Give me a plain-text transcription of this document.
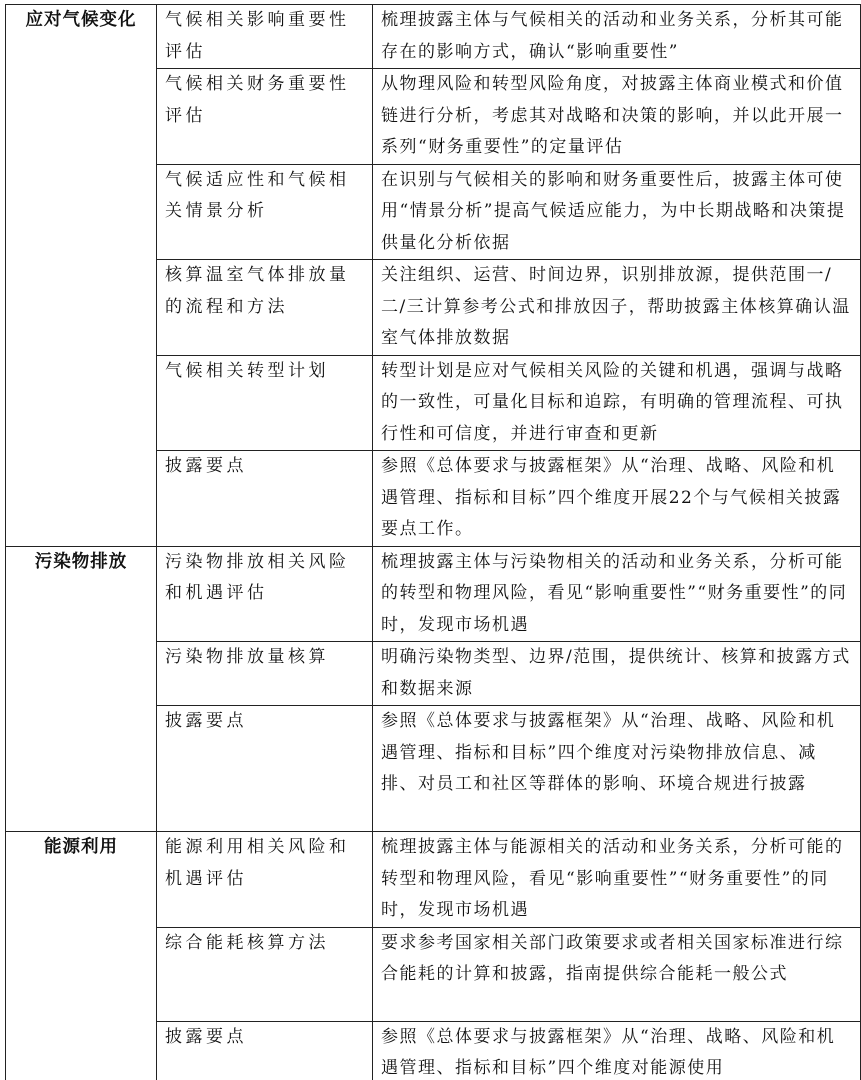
应对气候变化	气候相关影响重要性评估	梳理披露主体与气候相关的活动和业务关系，分析其可能存在的影响方式，确认“影响重要性”
	气候相关财务重要性评估	从物理风险和转型风险角度，对披露主体商业模式和价值链进行分析，考虑其对战略和决策的影响，并以此开展一系列“财务重要性”的定量评估
	气候适应性和气候相关情景分析	在识别与气候相关的影响和财务重要性后，披露主体可使用“情景分析”提高气候适应能力，为中长期战略和决策提供量化分析依据
	核算温室气体排放量的流程和方法	关注组织、运营、时间边界，识别排放源，提供范围一/二/三计算参考公式和排放因子，帮助披露主体核算确认温室气体排放数据
	气候相关转型计划	转型计划是应对气候相关风险的关键和机遇，强调与战略的一致性，可量化目标和追踪，有明确的管理流程、可执行性和可信度，并进行审查和更新
	披露要点	参照《总体要求与披露框架》从“治理、战略、风险和机遇管理、指标和目标”四个维度开展22个与气候相关披露要点工作。
污染物排放	污染物排放相关风险和机遇评估	梳理披露主体与污染物相关的活动和业务关系，分析可能的转型和物理风险，看见“影响重要性”“财务重要性”的同时，发现市场机遇
	污染物排放量核算	明确污染物类型、边界/范围，提供统计、核算和披露方式和数据来源
	披露要点	参照《总体要求与披露框架》从“治理、战略、风险和机遇管理、指标和目标”四个维度对污染物排放信息、减排、对员工和社区等群体的影响、环境合规进行披露
能源利用	能源利用相关风险和机遇评估	梳理披露主体与能源相关的活动和业务关系，分析可能的转型和物理风险，看见“影响重要性”“财务重要性”的同时，发现市场机遇
	综合能耗核算方法	要求参考国家相关部门政策要求或者相关国家标准进行综合能耗的计算和披露，指南提供综合能耗一般公式
	披露要点	参照《总体要求与披露框架》从“治理、战略、风险和机遇管理、指标和目标”四个维度对能源使用
